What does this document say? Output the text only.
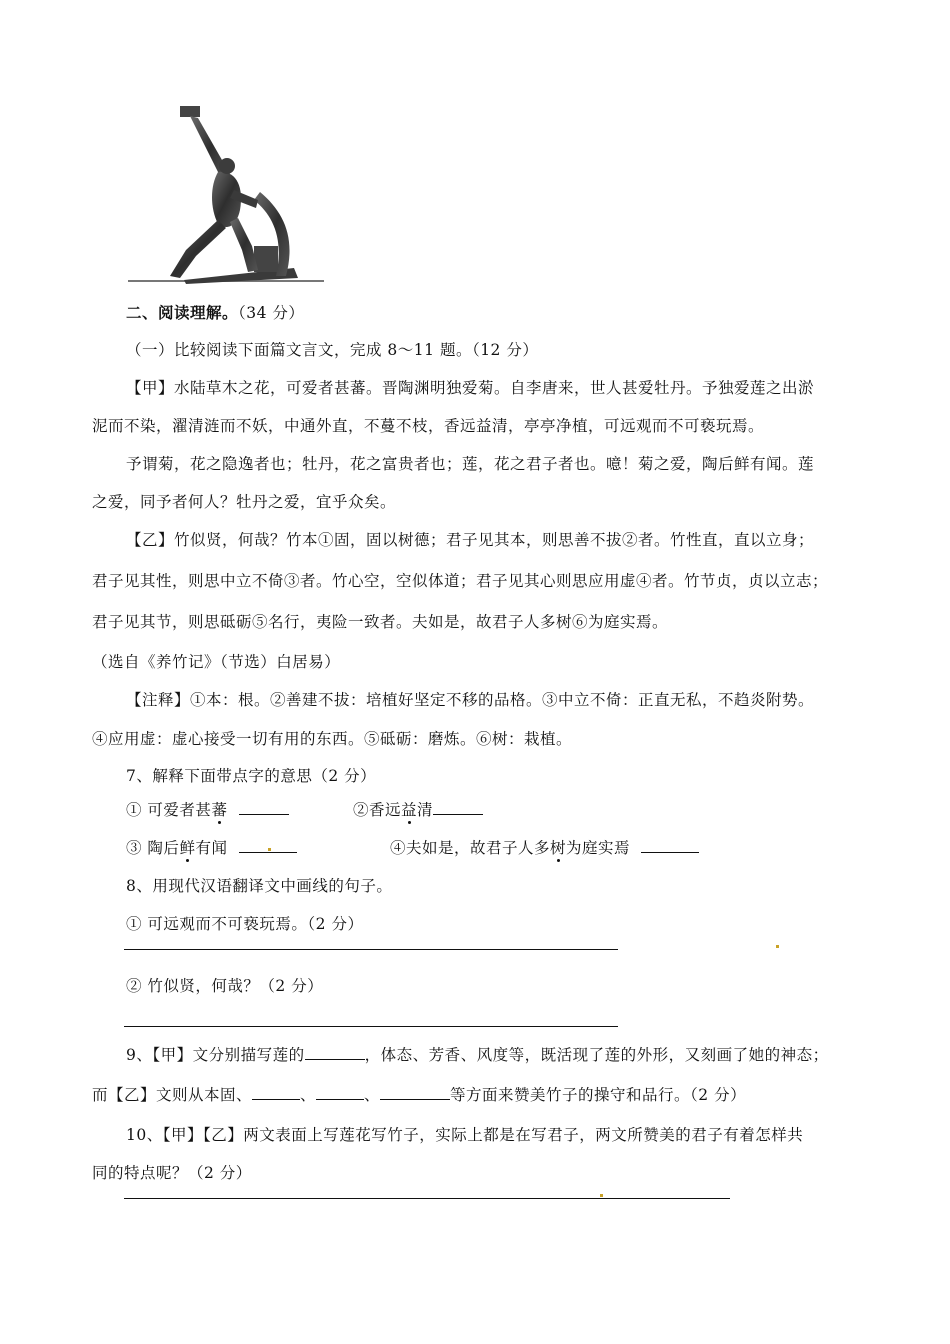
二、阅读理解。（34 分）
（一）比较阅读下面篇文言文，完成 8～11 题。（12 分）
【甲】水陆草木之花，可爱者甚蕃。晋陶渊明独爱菊。自李唐来，世人甚爱牡丹。予独爱莲之出淤
泥而不染，濯清涟而不妖，中通外直，不蔓不枝，香远益清，亭亭净植，可远观而不可亵玩焉。
予谓菊，花之隐逸者也；牡丹，花之富贵者也；莲，花之君子者也。噫！菊之爱，陶后鲜有闻。莲
之爱，同予者何人？牡丹之爱，宜乎众矣。
【乙】竹似贤，何哉？竹本①固，固以树德；君子见其本，则思善不拔②者。竹性直，直以立身；
君子见其性，则思中立不倚③者。竹心空，空似体道；君子见其心则思应用虚④者。竹节贞，贞以立志；
君子见其节，则思砥砺⑤名行，夷险一致者。夫如是，故君子人多树⑥为庭实焉。
（选自《养竹记》（节选）白居易）
【注释】①本：根。②善建不拔：培植好坚定不移的品格。③中立不倚：正直无私，不趋炎附势。
④应用虚：虚心接受一切有用的东西。⑤砥砺：磨炼。⑥树：栽植。
7、解释下面带点字的意思（2 分）
① 可爱者甚蕃	②香远益清
③ 陶后鲜有闻	④夫如是，故君子人多树为庭实焉
8、用现代汉语翻译文中画线的句子。
① 可远观而不可亵玩焉。（2 分）
② 竹似贤，何哉？（2 分）
9、【甲】文分别描写莲的	，体态、芳香、风度等，既活现了莲的外形，又刻画了她的神态；
而【乙】文则从本固、	、	、	等方面来赞美竹子的操守和品行。（2 分）
10、【甲】【乙】两文表面上写莲花写竹子，实际上都是在写君子，两文所赞美的君子有着怎样共
同的特点呢？（2 分）
